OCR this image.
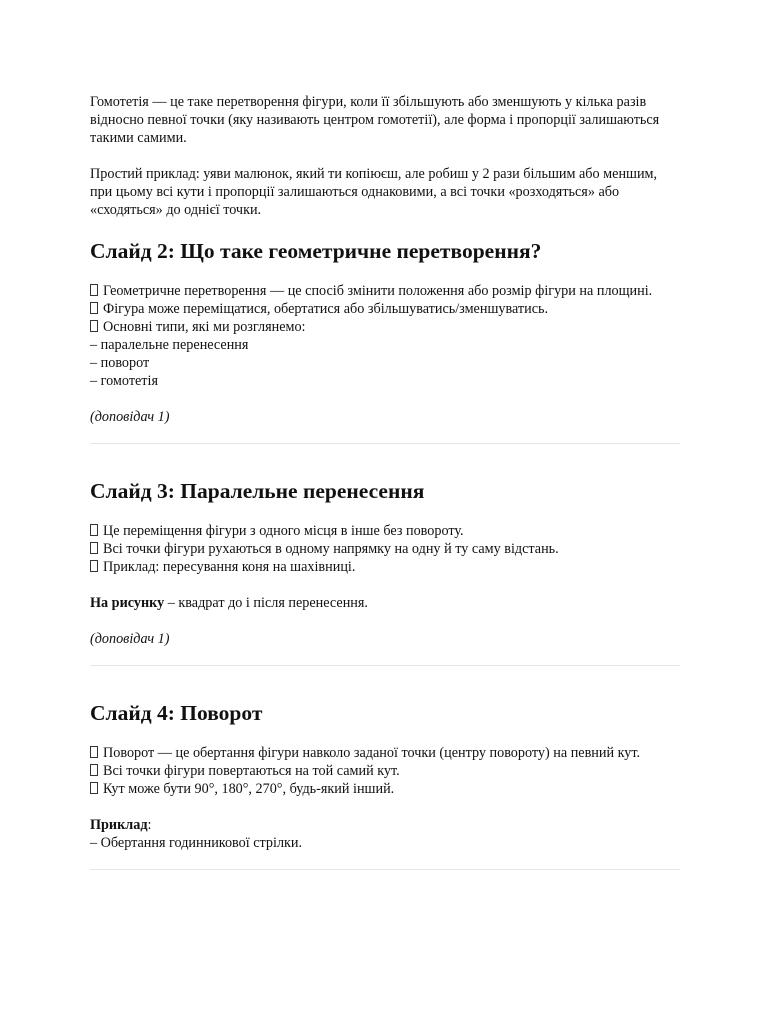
Гомотетія — це таке перетворення фігури, коли її збільшують або зменшують у кілька разів відносно певної точки (яку називають центром гомотетії), але форма і пропорції залишаються такими самими.

Простий приклад: уяви малюнок, який ти копіюєш, але робиш у 2 рази більшим або меншим, при цьому всі кути і пропорції залишаються однаковими, а всі точки «розходяться» або «сходяться» до однієї точки.

Слайд 2: Що таке геометричне перетворення?

Геометричне перетворення — це спосіб змінити положення або розмір фігури на площині.
Фігура може переміщатися, обертатися або збільшуватись/зменшуватись.
Основні типи, які ми розглянемо:
– паралельне перенесення
– поворот
– гомотетія

(доповідач 1)

Слайд 3: Паралельне перенесення

Це переміщення фігури з одного місця в інше без повороту.
Всі точки фігури рухаються в одному напрямку на одну й ту саму відстань.
Приклад: пересування коня на шахівниці.

На рисунку – квадрат до і після перенесення.

(доповідач 1)

Слайд 4: Поворот

Поворот — це обертання фігури навколо заданої точки (центру повороту) на певний кут.
Всі точки фігури повертаються на той самий кут.
Кут може бути 90°, 180°, 270°, будь-який інший.

Приклад:
– Обертання годинникової стрілки.
